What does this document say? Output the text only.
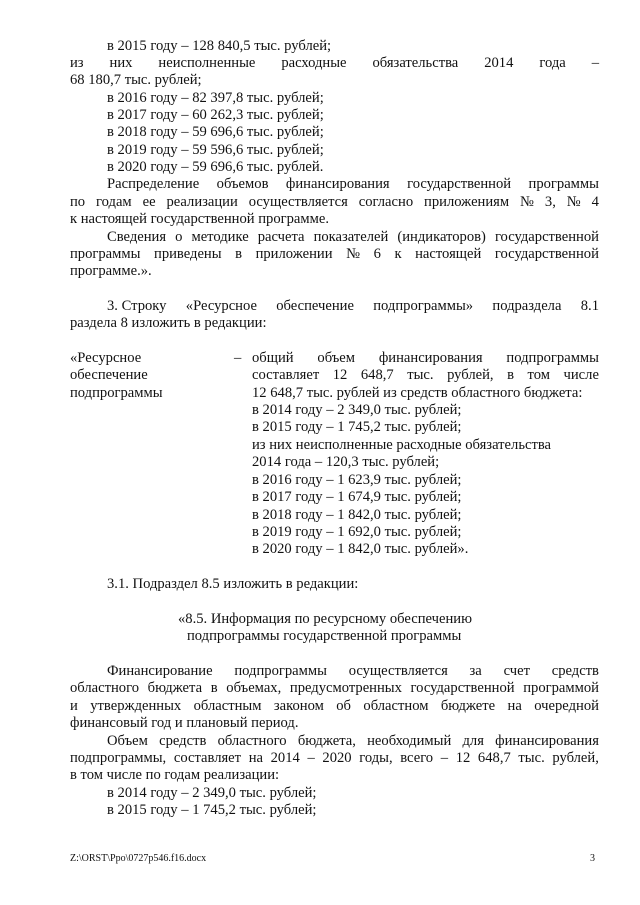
в 2015 году – 128 840,5 тыс. рублей;
из них неисполненные расходные обязательства 2014 года –
68 180,7 тыс. рублей;
в 2016 году – 82 397,8 тыс. рублей;
в 2017 году – 60 262,3 тыс. рублей;
в 2018 году – 59 696,6 тыс. рублей;
в 2019 году – 59 596,6 тыс. рублей;
в 2020 году – 59 696,6 тыс. рублей.
Распределение объемов финансирования государственной программы
по годам ее реализации осуществляется согласно приложениям № 3, № 4
к настоящей государственной программе.
Сведения о методике расчета показателей (индикаторов) государственной
программы приведены в приложении № 6 к настоящей государственной
программе.».
3. Строку «Ресурсное обеспечение подпрограммы» подраздела 8.1
раздела 8 изложить в редакции:
«Ресурсное
обеспечение
подпрограммы
– общий объем финансирования подпрограммы
составляет 12 648,7 тыс. рублей, в том числе
12 648,7 тыс. рублей из средств областного бюджета:
в 2014 году – 2 349,0 тыс. рублей;
в 2015 году – 1 745,2 тыс. рублей;
из них неисполненные расходные обязательства
2014 года – 120,3 тыс. рублей;
в 2016 году – 1 623,9 тыс. рублей;
в 2017 году – 1 674,9 тыс. рублей;
в 2018 году – 1 842,0 тыс. рублей;
в 2019 году – 1 692,0 тыс. рублей;
в 2020 году – 1 842,0 тыс. рублей».
3.1. Подраздел 8.5 изложить в редакции:
«8.5. Информация по ресурсному обеспечению
подпрограммы государственной программы
Финансирование подпрограммы осуществляется за счет средств
областного бюджета в объемах, предусмотренных государственной программой
и утвержденных областным законом об областном бюджете на очередной
финансовый год и плановый период.
Объем средств областного бюджета, необходимый для финансирования
подпрограммы, составляет на 2014 – 2020 годы, всего – 12 648,7 тыс. рублей,
в том числе по годам реализации:
в 2014 году – 2 349,0 тыс. рублей;
в 2015 году – 1 745,2 тыс. рублей;
Z:\ORST\Ppo\0727p546.f16.docx	3
